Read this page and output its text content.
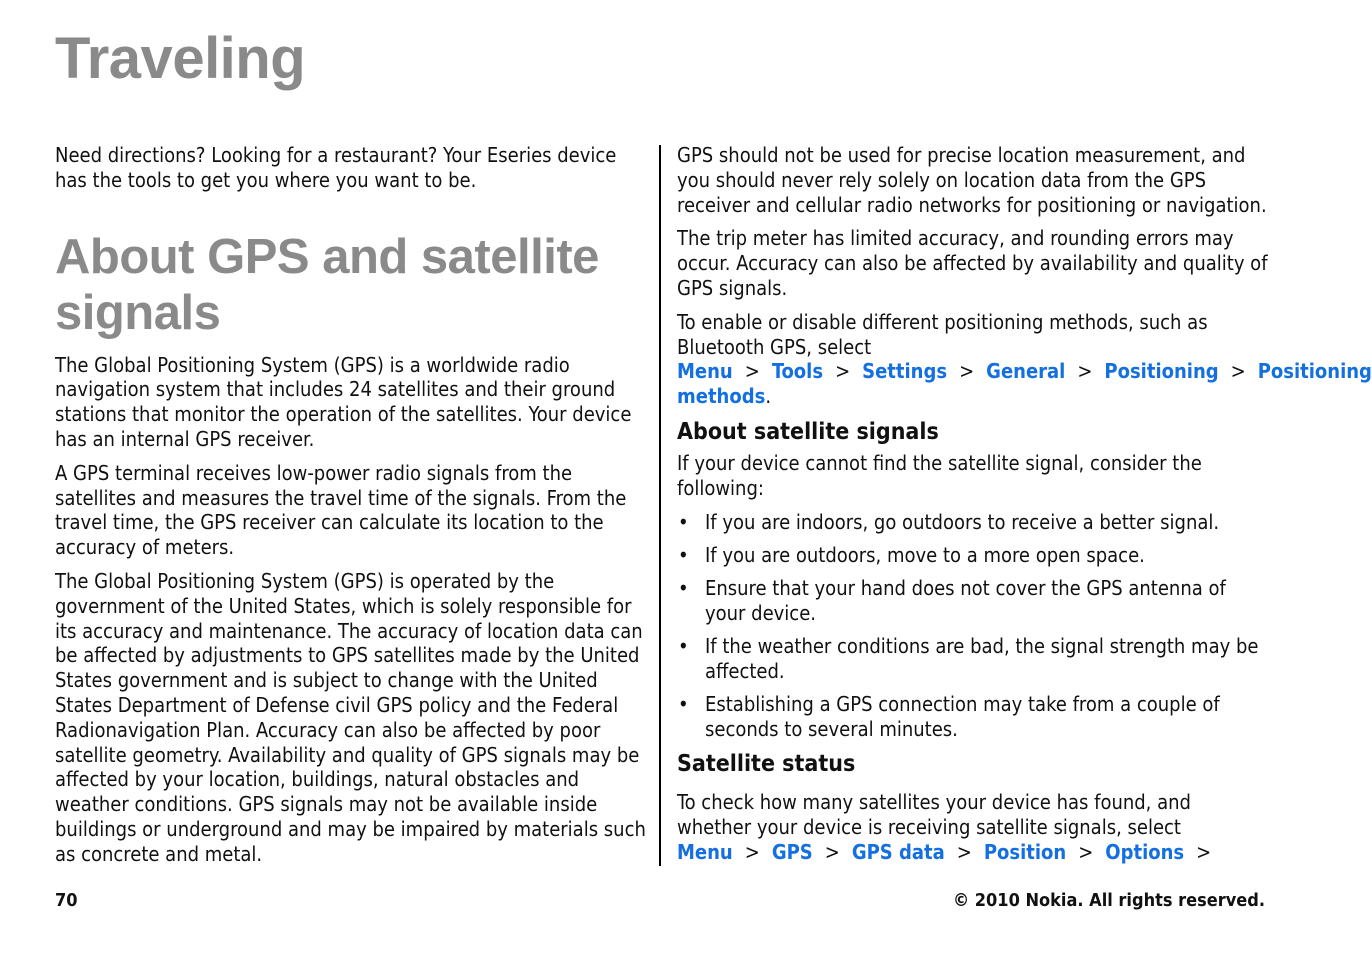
Traveling

Need directions? Looking for a restaurant? Your Eseries device has the tools to get you where you want to be.

About GPS and satellite signals

The Global Positioning System (GPS) is a worldwide radio navigation system that includes 24 satellites and their ground stations that monitor the operation of the satellites. Your device has an internal GPS receiver.

A GPS terminal receives low-power radio signals from the satellites and measures the travel time of the signals. From the travel time, the GPS receiver can calculate its location to the accuracy of meters.

The Global Positioning System (GPS) is operated by the government of the United States, which is solely responsible for its accuracy and maintenance. The accuracy of location data can be affected by adjustments to GPS satellites made by the United States government and is subject to change with the United States Department of Defense civil GPS policy and the Federal Radionavigation Plan. Accuracy can also be affected by poor satellite geometry. Availability and quality of GPS signals may be affected by your location, buildings, natural obstacles and weather conditions. GPS signals may not be available inside buildings or underground and may be impaired by materials such as concrete and metal.

GPS should not be used for precise location measurement, and you should never rely solely on location data from the GPS receiver and cellular radio networks for positioning or navigation.

The trip meter has limited accuracy, and rounding errors may occur. Accuracy can also be affected by availability and quality of GPS signals.

To enable or disable different positioning methods, such as Bluetooth GPS, select Menu > Tools > Settings > General > Positioning > Positioning methods.

About satellite signals

If your device cannot find the satellite signal, consider the following:

• If you are indoors, go outdoors to receive a better signal.
• If you are outdoors, move to a more open space.
• Ensure that your hand does not cover the GPS antenna of your device.
• If the weather conditions are bad, the signal strength may be affected.
• Establishing a GPS connection may take from a couple of seconds to several minutes.
Satellite status

To check how many satellites your device has found, and whether your device is receiving satellite signals, select Menu > GPS > GPS data > Position > Options >

70	© 2010 Nokia. All rights reserved.
